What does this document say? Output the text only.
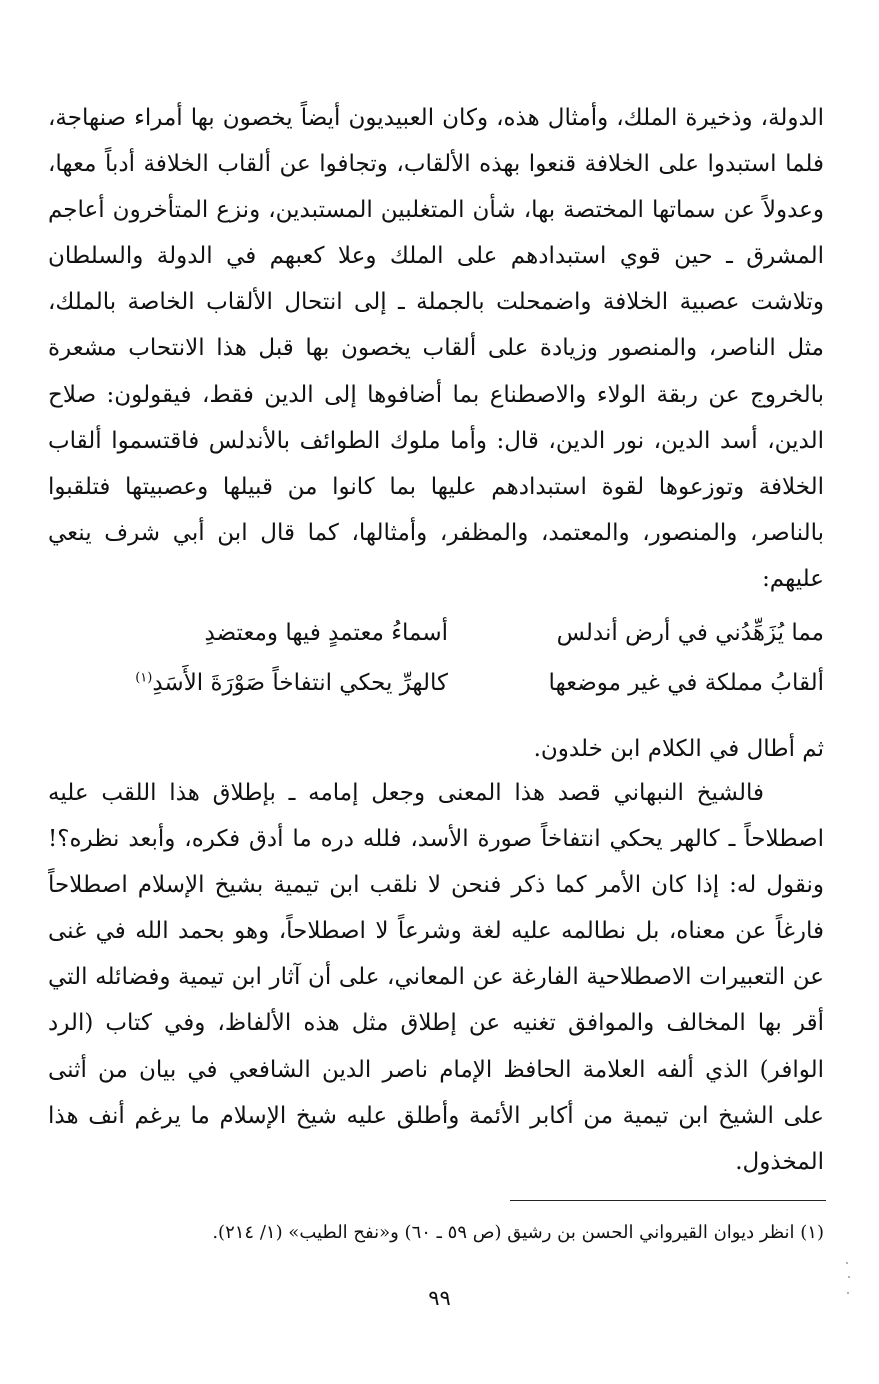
الدولة، وذخيرة الملك، وأمثال هذه، وكان العبيديون أيضاً يخصون بها أمراء صنهاجة، فلما استبدوا على الخلافة قنعوا بهذه الألقاب، وتجافوا عن ألقاب الخلافة أدباً معها، وعدولاً عن سماتها المختصة بها، شأن المتغلبين المستبدين، ونزع المتأخرون أعاجم المشرق ـ حين قوي استبدادهم على الملك وعلا كعبهم في الدولة والسلطان وتلاشت عصبية الخلافة واضمحلت بالجملة ـ إلى انتحال الألقاب الخاصة بالملك، مثل الناصر، والمنصور وزيادة على ألقاب يخصون بها قبل هذا الانتحاب مشعرة بالخروج عن ربقة الولاء والاصطناع بما أضافوها إلى الدين فقط، فيقولون: صلاح الدين، أسد الدين، نور الدين، قال: وأما ملوك الطوائف بالأندلس فاقتسموا ألقاب الخلافة وتوزعوها لقوة استبدادهم عليها بما كانوا من قبيلها وعصبيتها فتلقبوا بالناصر، والمنصور، والمعتمد، والمظفر، وأمثالها، كما قال ابن أبي شرف ينعي عليهم:

مما يُزَهِّدُني في أرض أندلس
أسماءُ معتمدٍ فيها ومعتضدِ
ألقابُ مملكة في غير موضعها
كالهرِّ يحكي انتفاخاً صَوْرَةَ الأَسَدِ$^{(١)}$
ثم أطال في الكلام ابن خلدون.

فالشيخ النبهاني قصد هذا المعنى وجعل إمامه ـ بإطلاق هذا اللقب عليه اصطلاحاً ـ كالهر يحكي انتفاخاً صورة الأسد، فلله دره ما أدق فكره، وأبعد نظره؟! ونقول له: إذا كان الأمر كما ذكر فنحن لا نلقب ابن تيمية بشيخ الإسلام اصطلاحاً فارغاً عن معناه، بل نطالمه عليه لغة وشرعاً لا اصطلاحاً، وهو بحمد الله في غنى عن التعبيرات الاصطلاحية الفارغة عن المعاني، على أن آثار ابن تيمية وفضائله التي أقر بها المخالف والموافق تغنيه عن إطلاق مثل هذه الألفاظ، وفي كتاب (الرد الوافر) الذي ألفه العلامة الحافظ الإمام ناصر الدين الشافعي في بيان من أثنى على الشيخ ابن تيمية من أكابر الأئمة وأطلق عليه شيخ الإسلام ما يرغم أنف هذا المخذول.

(١) انظر ديوان القيرواني الحسن بن رشيق (ص ٥٩ ـ ٦٠) و«نفح الطيب» (١/ ٢١٤).
٩٩
